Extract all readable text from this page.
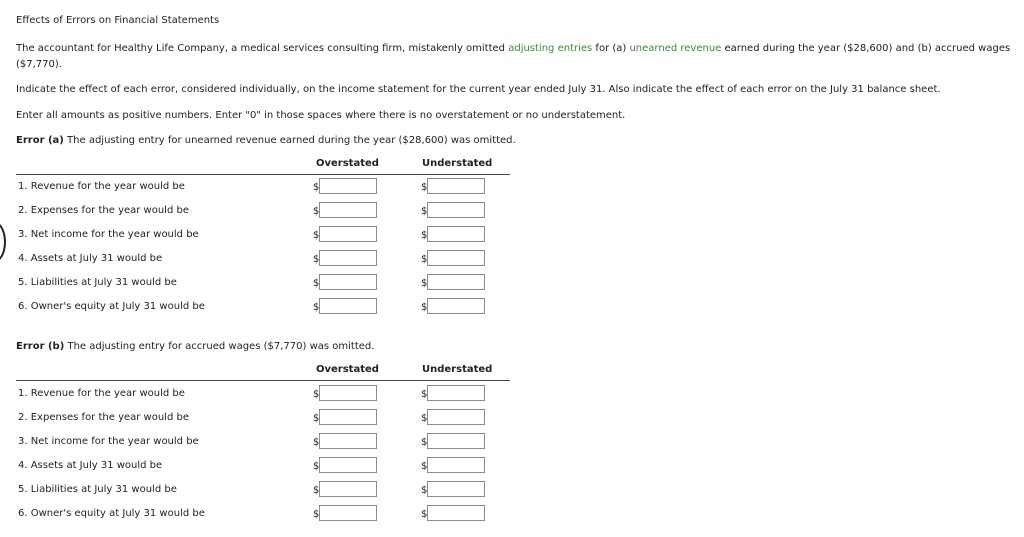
Effects of Errors on Financial Statements
The accountant for Healthy Life Company, a medical services consulting firm, mistakenly omitted adjusting entries for (a) unearned revenue earned during the year ($28,600) and (b) accrued wages ($7,770).
Indicate the effect of each error, considered individually, on the income statement for the current year ended July 31. Also indicate the effect of each error on the July 31 balance sheet.
Enter all amounts as positive numbers. Enter "0" in those spaces where there is no overstatement or no understatement.
Error (a) The adjusting entry for unearned revenue earned during the year ($28,600) was omitted.
Overstated	Understated
1. Revenue for the year would be	$	$
2. Expenses for the year would be	$	$
3. Net income for the year would be	$	$
4. Assets at July 31 would be	$	$
5. Liabilities at July 31 would be	$	$
6. Owner's equity at July 31 would be	$	$
Error (b) The adjusting entry for accrued wages ($7,770) was omitted.
Overstated	Understated
1. Revenue for the year would be	$	$
2. Expenses for the year would be	$	$
3. Net income for the year would be	$	$
4. Assets at July 31 would be	$	$
5. Liabilities at July 31 would be	$	$
6. Owner's equity at July 31 would be	$	$
